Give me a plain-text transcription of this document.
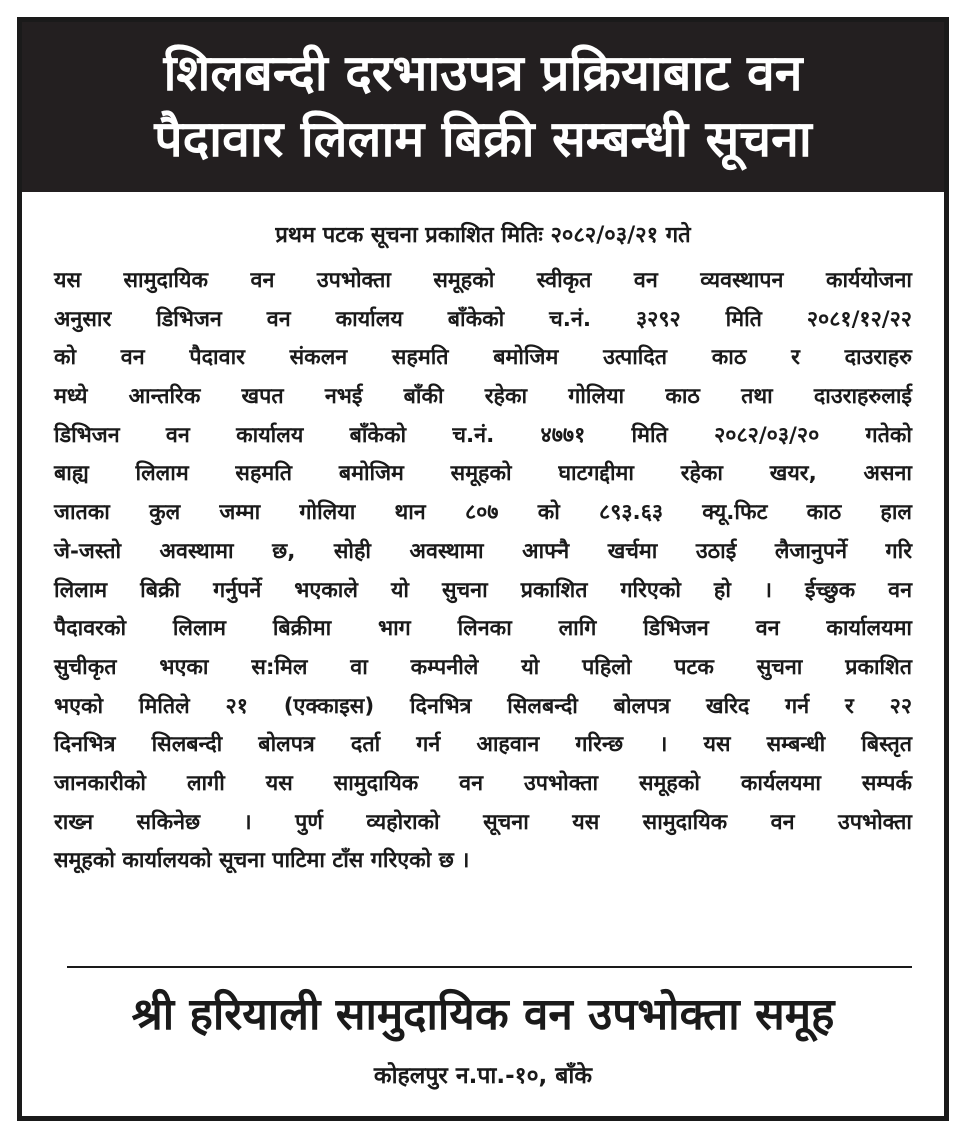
शिलबन्दी दरभाउपत्र प्रक्रियाबाट वन
पैदावार लिलाम बिक्री सम्बन्धी सूचना
प्रथम पटक सूचना प्रकाशित मितिः २०८२/०३/२१ गते
यस सामुदायिक वन उपभोक्ता समूहको स्वीकृत वन व्यवस्थापन कार्ययोजना
अनुसार डिभिजन वन कार्यालय बाँकेको च.नं. ३२९२ मिति २०८१/१२/२२
को वन पैदावार संकलन सहमति बमोजिम उत्पादित काठ र दाउराहरु
मध्ये आन्तरिक खपत नभई बाँकी रहेका गोलिया काठ तथा दाउराहरुलाई
डिभिजन वन कार्यालय बाँकेको च.नं. ४७७१ मिति २०८२/०३/२० गतेको
बाह्य लिलाम सहमति बमोजिम समूहको घाटगद्दीमा रहेका खयर, असना
जातका कुल जम्मा गोलिया थान ८०७ को ८९३.६३ क्यू.फिट काठ हाल
जे-जस्तो अवस्थामा छ, सोही अवस्थामा आफ्नै खर्चमा उठाई लैजानुपर्ने गरि
लिलाम बिक्री गर्नुपर्ने भएकाले यो सुचना प्रकाशित गरिएको हो । ईच्छुक वन
पैदावरको लिलाम बिक्रीमा भाग लिनका लागि डिभिजन वन कार्यालयमा
सुचीकृत भएका स:मिल वा कम्पनीले यो पहिलो पटक सुचना प्रकाशित
भएको मितिले २१ (एक्काइस) दिनभित्र सिलबन्दी बोलपत्र खरिद गर्न र २२
दिनभित्र सिलबन्दी बोलपत्र दर्ता गर्न आहवान गरिन्छ । यस सम्बन्धी बिस्तृत
जानकारीको लागी यस सामुदायिक वन उपभोक्ता समूहको कार्यलयमा सम्पर्क
राख्न सकिनेछ । पुर्ण व्यहोराको सूचना यस सामुदायिक वन उपभोक्ता
समूहको कार्यालयको सूचना पाटिमा टाँस गरिएको छ ।
श्री हरियाली सामुदायिक वन उपभोक्ता समूह
कोहलपुर न.पा.-१०, बाँके
